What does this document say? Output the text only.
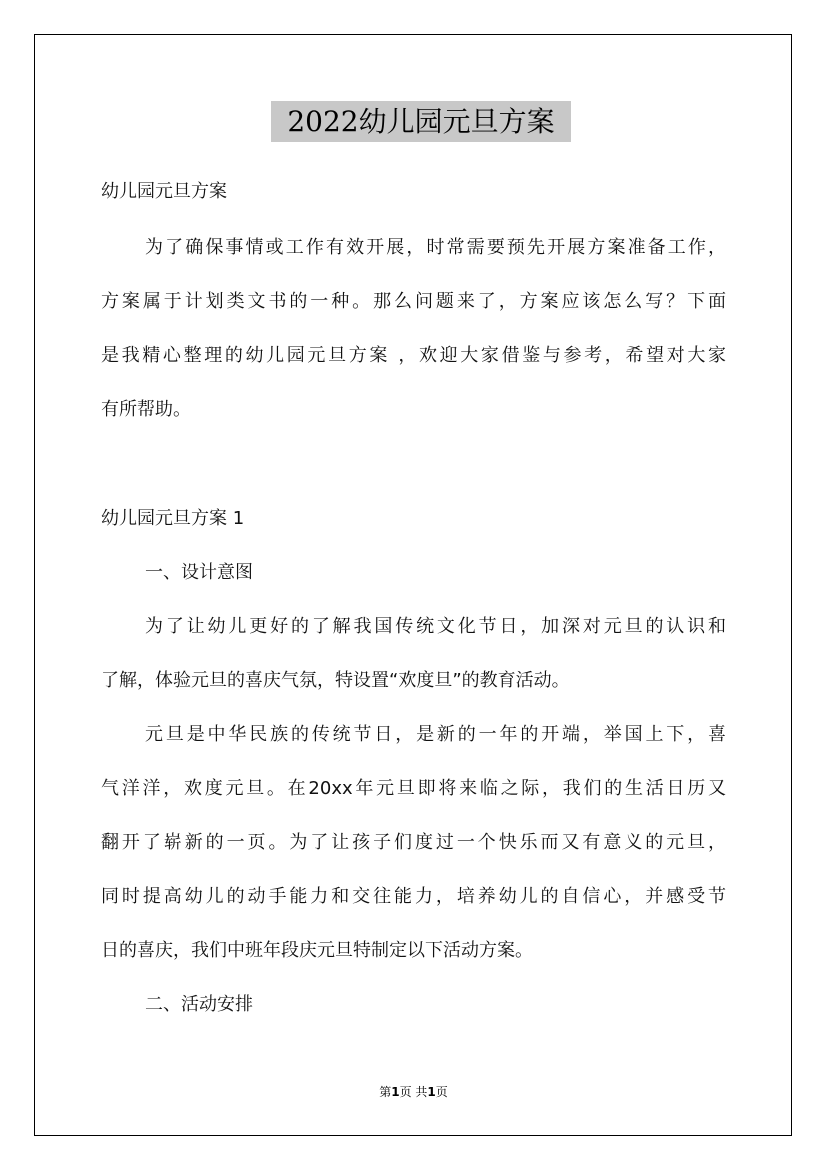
2022幼儿园元旦方案
幼儿园元旦方案
为了确保事情或工作有效开展，时常需要预先开展方案准备工作，
方案属于计划类文书的一种。那么问题来了，方案应该怎么写？下面
是我精心整理的幼儿园元旦方案 ，欢迎大家借鉴与参考，希望对大家
有所帮助。
幼儿园元旦方案 1
一、设计意图
为了让幼儿更好的了解我国传统文化节日，加深对元旦的认识和
了解，体验元旦的喜庆气氛，特设置“欢度旦”的教育活动。
元旦是中华民族的传统节日，是新的一年的开端，举国上下，喜
气洋洋，欢度元旦。在20xx年元旦即将来临之际，我们的生活日历又
翻开了崭新的一页。为了让孩子们度过一个快乐而又有意义的元旦，
同时提高幼儿的动手能力和交往能力，培养幼儿的自信心，并感受节
日的喜庆，我们中班年段庆元旦特制定以下活动方案。
二、活动安排
第1页 共1页
